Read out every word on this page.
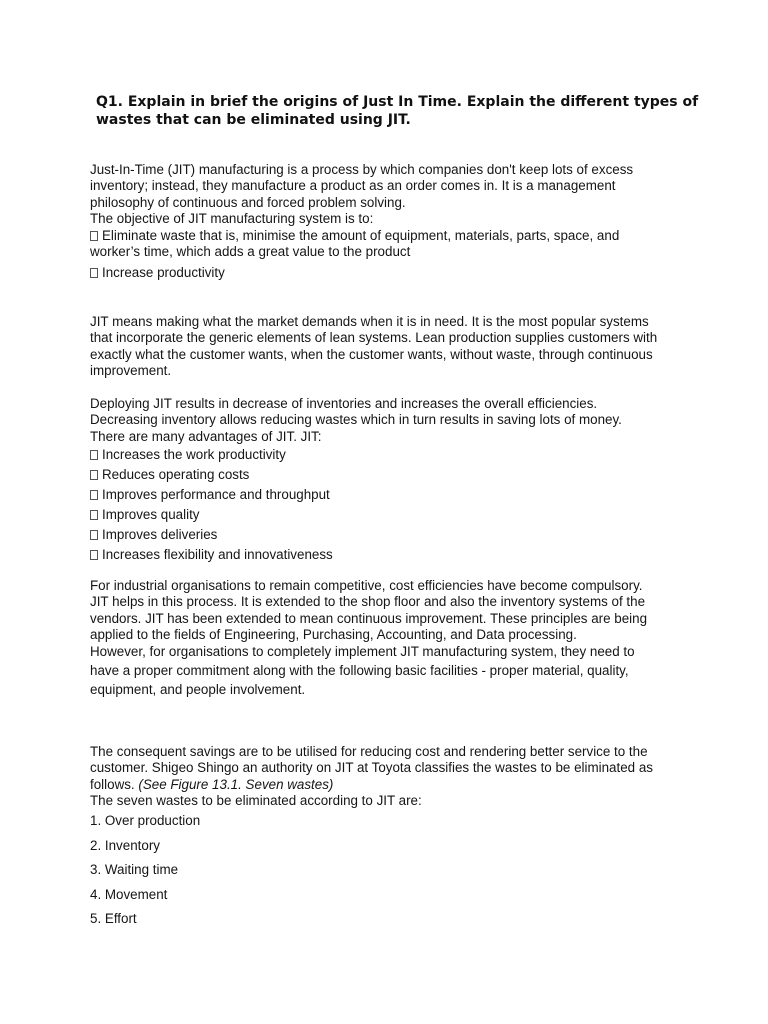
Q1. Explain in brief the origins of Just In Time. Explain the different types of
wastes that can be eliminated using JIT.
Just-In-Time (JIT) manufacturing is a process by which companies don't keep lots of excess
inventory; instead, they manufacture a product as an order comes in. It is a management
philosophy of continuous and forced problem solving.
The objective of JIT manufacturing system is to:
Eliminate waste that is, minimise the amount of equipment, materials, parts, space, and
worker’s time, which adds a great value to the product
Increase productivity
JIT means making what the market demands when it is in need. It is the most popular systems
that incorporate the generic elements of lean systems. Lean production supplies customers with
exactly what the customer wants, when the customer wants, without waste, through continuous
improvement.
Deploying JIT results in decrease of inventories and increases the overall efficiencies.
Decreasing inventory allows reducing wastes which in turn results in saving lots of money.
There are many advantages of JIT. JIT:
Increases the work productivity
Reduces operating costs
Improves performance and throughput
Improves quality
Improves deliveries
Increases flexibility and innovativeness
For industrial organisations to remain competitive, cost efficiencies have become compulsory.
JIT helps in this process. It is extended to the shop floor and also the inventory systems of the
vendors. JIT has been extended to mean continuous improvement. These principles are being
applied to the fields of Engineering, Purchasing, Accounting, and Data processing.
However, for organisations to completely implement JIT manufacturing system, they need to
have a proper commitment along with the following basic facilities - proper material, quality,
equipment, and people involvement.
The consequent savings are to be utilised for reducing cost and rendering better service to the
customer. Shigeo Shingo an authority on JIT at Toyota classifies the wastes to be eliminated as
follows. (See Figure 13.1. Seven wastes)
The seven wastes to be eliminated according to JIT are:
1. Over production
2. Inventory
3. Waiting time
4. Movement
5. Effort
